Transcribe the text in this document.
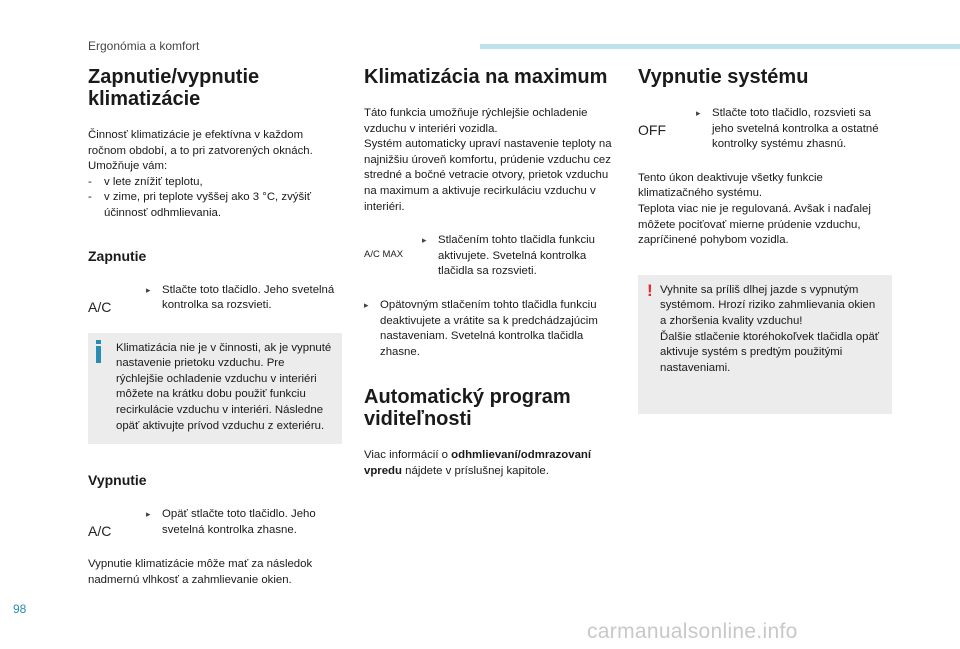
Ergonómia a komfort
Zapnutie/vypnutie klimatizácie

Činnosť klimatizácie je efektívna v každom ročnom období, a to pri zatvorených oknách.

Umožňuje vám:

- v lete znížiť teplotu,
- v zime, pri teplote vyššej ako 3 °C, zvýšiť účinnosť odhmlievania.
Zapnutie
A/C
▸ Stlačte toto tlačidlo. Jeho svetelná kontrolka sa rozsvieti.

Klimatizácia nie je v činnosti, ak je vypnuté nastavenie prietoku vzduchu. Pre rýchlejšie ochladenie vzduchu v interiéri môžete na krátku dobu použiť funkciu recirkulácie vzduchu v interiéri. Následne opäť aktivujte prívod vzduchu z exteriéru.

Vypnutie
A/C
▸ Opäť stlačte toto tlačidlo. Jeho svetelná kontrolka zhasne.

Vypnutie klimatizácie môže mať za následok nadmernú vlhkosť a zahmlievanie okien.

Klimatizácia na maximum

Táto funkcia umožňuje rýchlejšie ochladenie vzduchu v interiéri vozidla.

Systém automaticky upraví nastavenie teploty na najnižšiu úroveň komfortu, prúdenie vzduchu cez stredné a bočné vetracie otvory, prietok vzduchu na maximum a aktivuje recirkuláciu vzduchu v interiéri.

A/C MAX
▸ Stlačením tohto tlačidla funkciu aktivujete. Svetelná kontrolka tlačidla sa rozsvieti.

▸ Opätovným stlačením tohto tlačidla funkciu deaktivujete a vrátite sa k predchádzajúcim nastaveniam. Svetelná kontrolka tlačidla zhasne.

Automatický program viditeľnosti

Viac informácií o odhmlievaní/odmrazovaní vpredu nájdete v príslušnej kapitole.

Vypnutie systému
OFF
▸ Stlačte toto tlačidlo, rozsvieti sa jeho svetelná kontrolka a ostatné kontrolky systému zhasnú.

Tento úkon deaktivuje všetky funkcie klimatizačného systému.

Teplota viac nie je regulovaná. Avšak i naďalej môžete pociťovať mierne prúdenie vzduchu, zapríčinené pohybom vozidla.

! Vyhnite sa príliš dlhej jazde s vypnutým systémom. Hrozí riziko zahmlievania okien a zhoršenia kvality vzduchu!

Ďalšie stlačenie ktoréhokoľvek tlačidla opäť aktivuje systém s predtým použitými nastaveniami.

98
carmanualsonline.info
